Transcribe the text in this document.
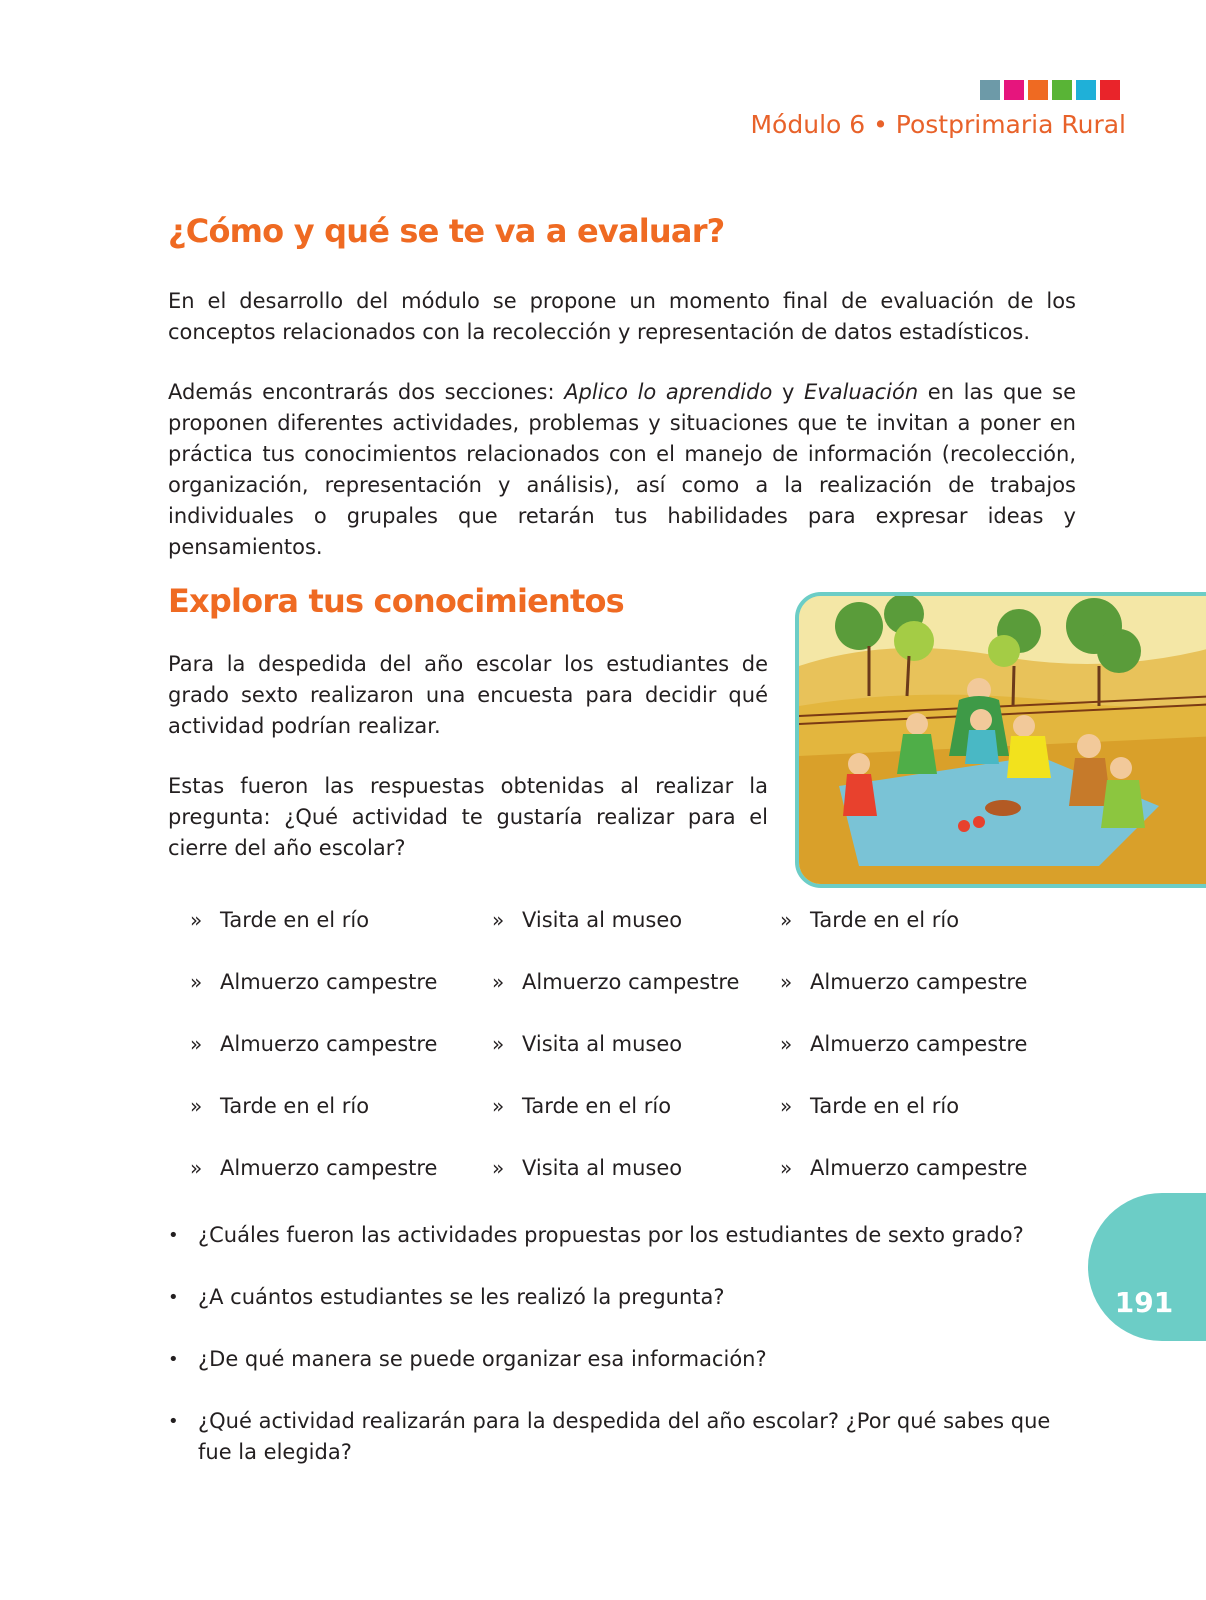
Módulo 6 • Postprimaria Rural
¿Cómo y qué se te va a evaluar?

En el desarrollo del módulo se propone un momento final de evaluación de los conceptos relacionados con la recolección y representación de datos estadísticos.

Además encontrarás dos secciones: Aplico lo aprendido y Evaluación en las que se proponen diferentes actividades, problemas y situaciones que te invitan a poner en práctica tus conocimientos relacionados con el manejo de información (recolección, organización, representación y análisis), así como a la realización de trabajos individuales o grupales que retarán tus habilidades para expresar ideas y pensamientos.

Explora tus conocimientos

Para la despedida del año escolar los estudiantes de grado sexto realizaron una encuesta para decidir qué actividad podrían realizar.

Estas fueron las respuestas obtenidas al realizar la pregunta: ¿Qué actividad te gustaría realizar para el cierre del año escolar?

» Tarde en el río	» Visita al museo	» Tarde en el río
» Almuerzo campestre	» Almuerzo campestre » Almuerzo campestre
» Almuerzo campestre	» Visita al museo	» Almuerzo campestre
» Tarde en el río	» Tarde en el río	» Tarde en el río
» Almuerzo campestre	» Visita al museo	» Almuerzo campestre
• ¿Cuáles fueron las actividades propuestas por los estudiantes de sexto grado?
• ¿A cuántos estudiantes se les realizó la pregunta?
• ¿De qué manera se puede organizar esa información?
• ¿Qué actividad realizarán para la despedida del año escolar? ¿Por qué sabes que fue la elegida?
191
